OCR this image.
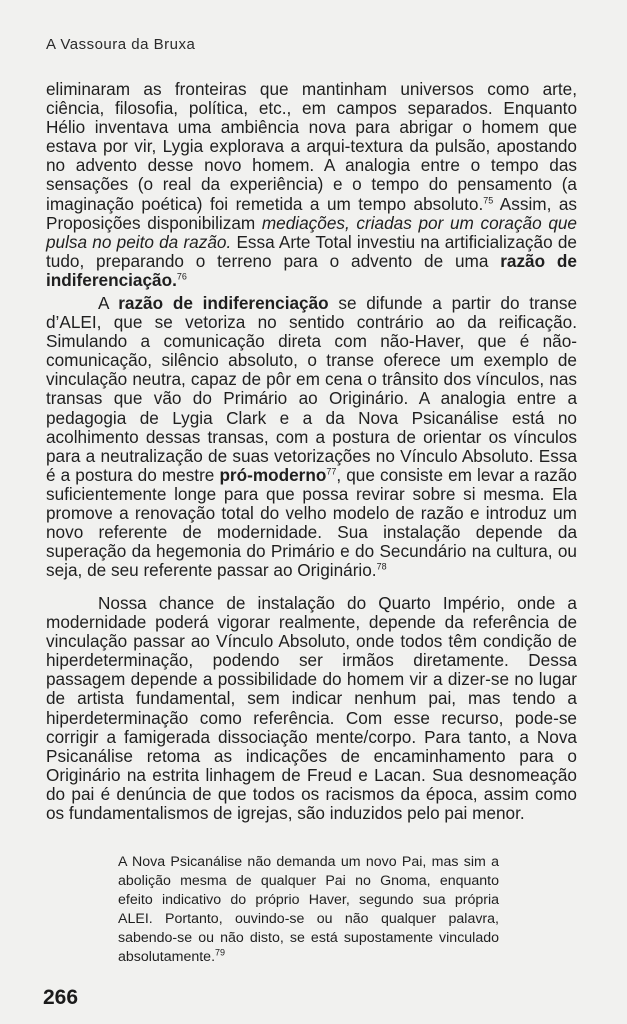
A Vassoura da Bruxa

eliminaram as fronteiras que mantinham universos como arte, ciência, filosofia, política, etc., em campos separados. Enquanto Hélio inventava uma ambiência nova para abrigar o homem que estava por vir, Lygia explorava a arqui-textura da pulsão, apostando no advento desse novo homem. A analogia entre o tempo das sensações (o real da experiência) e o tempo do pensamento (a imaginação poética) foi remetida a um tempo absoluto.$^{75}$ Assim, as Proposições disponibilizam mediações, criadas por um coração que pulsa no peito da razão. Essa Arte Total investiu na artificialização de tudo, preparando o terreno para o advento de uma razão de indiferenciação.$^{76}$

A razão de indiferenciação se difunde a partir do transe d’ALEI, que se vetoriza no sentido contrário ao da reificação. Simulando a comunicação direta com não-Haver, que é não-comunicação, silêncio absoluto, o transe oferece um exemplo de vinculação neutra, capaz de pôr em cena o trânsito dos vínculos, nas transas que vão do Primário ao Originário. A analogia entre a pedagogia de Lygia Clark e a da Nova Psicanálise está no acolhimento dessas transas, com a postura de orientar os vínculos para a neutralização de suas vetorizações no Vínculo Absoluto. Essa é a postura do mestre pró-moderno$^{77}$, que consiste em levar a razão suficientemente longe para que possa revirar sobre si mesma. Ela promove a renovação total do velho modelo de razão e introduz um novo referente de modernidade. Sua instalação depende da superação da hegemonia do Primário e do Secundário na cultura, ou seja, de seu referente passar ao Originário.$^{78}$

Nossa chance de instalação do Quarto Império, onde a modernidade poderá vigorar realmente, depende da referência de vinculação passar ao Vínculo Absoluto, onde todos têm condição de hiperdeterminação, podendo ser irmãos diretamente. Dessa passagem depende a possibilidade do homem vir a dizer-se no lugar de artista fundamental, sem indicar nenhum pai, mas tendo a hiperdeterminação como referência. Com esse recurso, pode-se corrigir a famigerada dissociação mente/corpo. Para tanto, a Nova Psicanálise retoma as indicações de encaminhamento para o Originário na estrita linhagem de Freud e Lacan. Sua desnomeação do pai é denúncia de que todos os racismos da época, assim como os fundamentalismos de igrejas, são induzidos pelo pai menor.

A Nova Psicanálise não demanda um novo Pai, mas sim a abolição mesma de qualquer Pai no Gnoma, enquanto efeito indicativo do próprio Haver, segundo sua própria ALEI. Portanto, ouvindo-se ou não qualquer palavra, sabendo-se ou não disto, se está supostamente vinculado absolutamente.$^{79}$

266
